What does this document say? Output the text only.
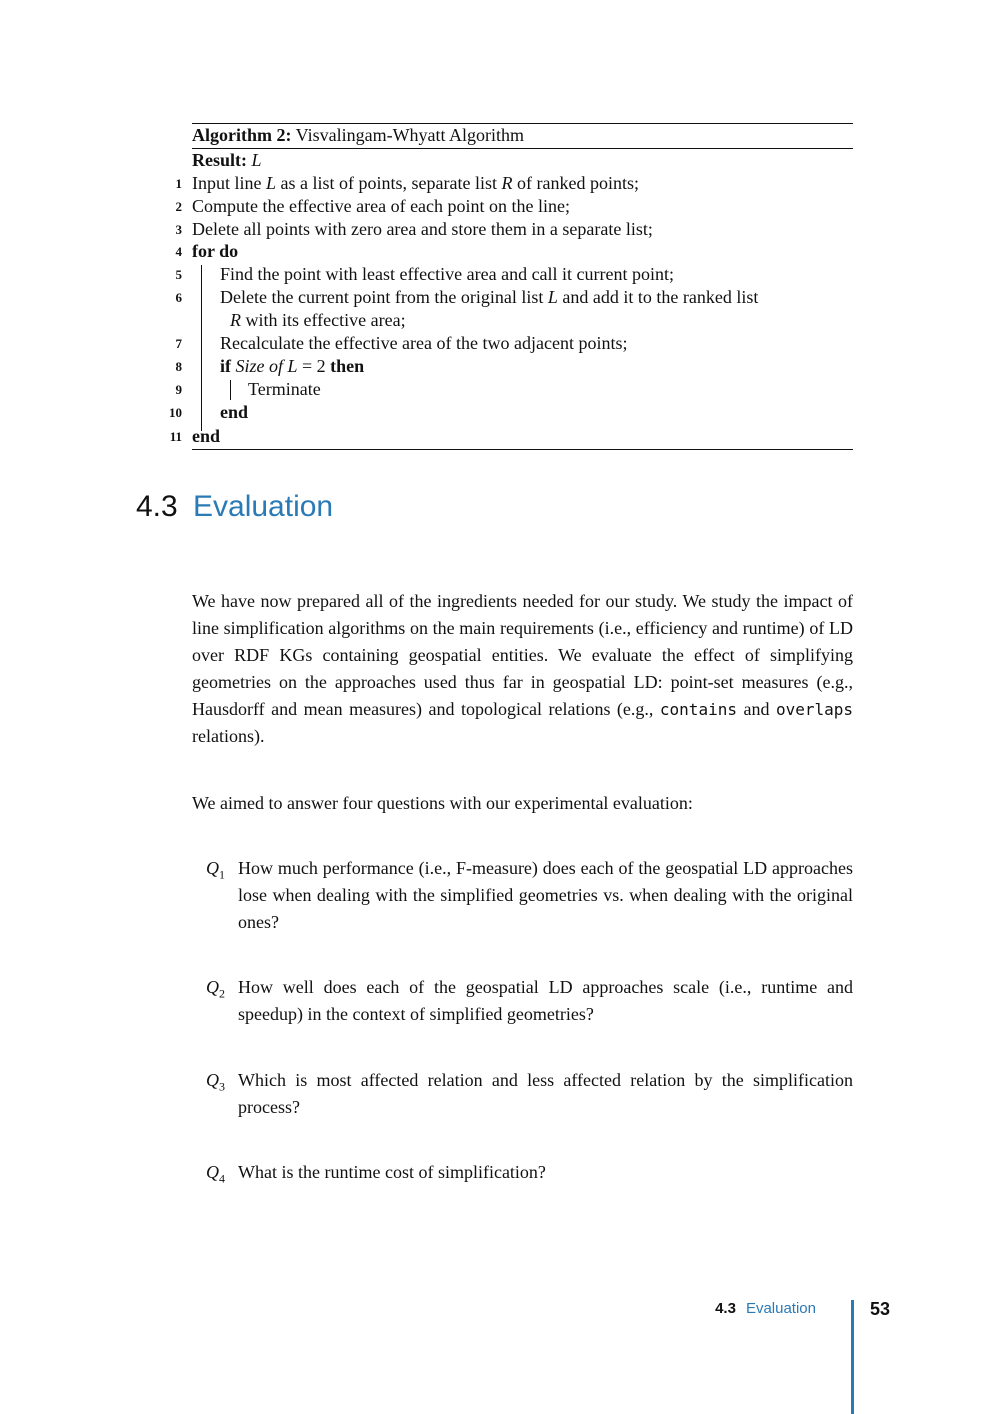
Algorithm 2: Visvalingam-Whyatt Algorithm
Result: L
1 Input line L as a list of points, separate list R of ranked points;
2 Compute the effective area of each point on the line;
3 Delete all points with zero area and store them in a separate list;
4 for do
5 Find the point with least effective area and call it current point;
6 Delete the current point from the original list L and add it to the ranked list
R with its effective area;
7 Recalculate the effective area of the two adjacent points;
8 if Size of L = 2 then
9	Terminate
10 end
11 end
4.3 Evaluation
We have now prepared all of the ingredients needed for our study. We study the impact of line simplification algorithms on the main requirements (i.e., efficiency and runtime) of LD over RDF KGs containing geospatial entities. We evaluate the effect of simplifying geometries on the approaches used thus far in geospatial LD: point-set measures (e.g., Hausdorff and mean measures) and topological relations (e.g., contains and overlaps relations).
We aimed to answer four questions with our experimental evaluation:
$Q_1$ How much performance (i.e., F-measure) does each of the geospatial LD approaches lose when dealing with the simplified geometries vs. when dealing with the original ones?
$Q_2$ How well does each of the geospatial LD approaches scale (i.e., runtime and speedup) in the context of simplified geometries?
$Q_3$ Which is most affected relation and less affected relation by the simplification process?
$Q_4$ What is the runtime cost of simplification?
4.3 Evaluation	53
